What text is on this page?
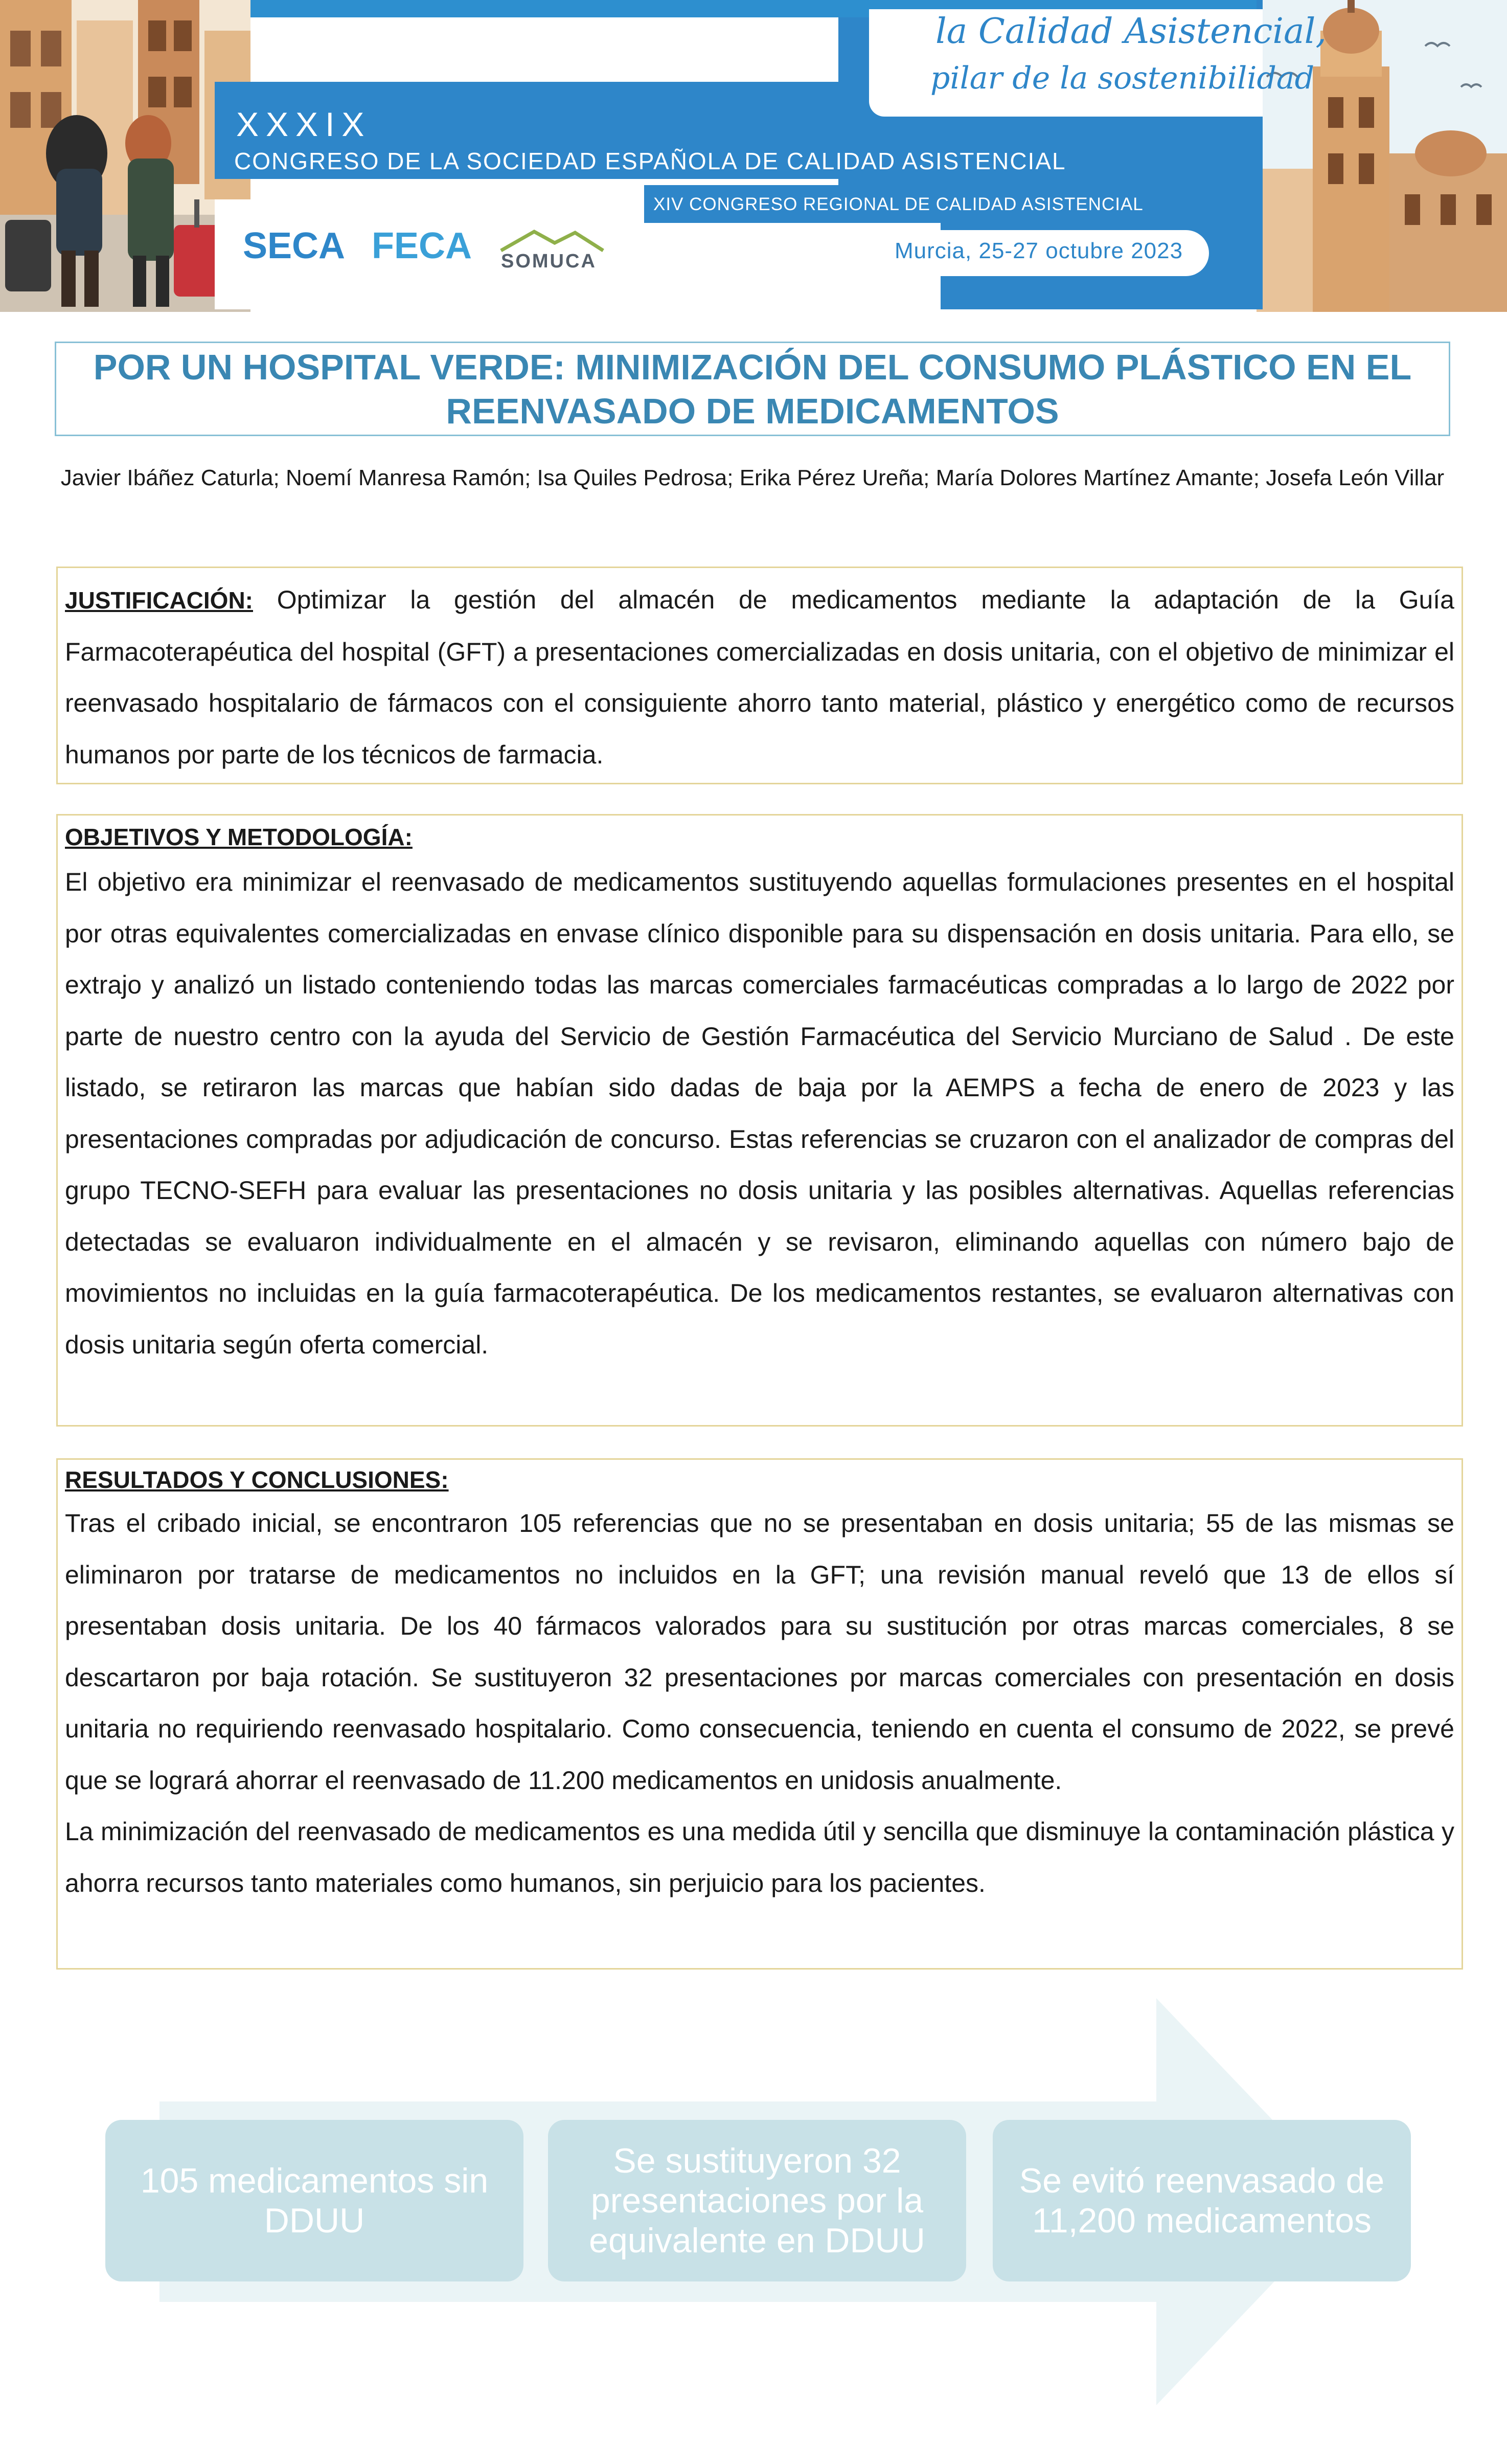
la Calidad Asistencial,
pilar de la sostenibilidad
XXXIX
CONGRESO DE LA SOCIEDAD ESPAÑOLA DE CALIDAD ASISTENCIAL
XIV CONGRESO REGIONAL DE CALIDAD ASISTENCIAL
Murcia, 25-27 octubre 2023
SECA FECA SOMUCA
POR UN HOSPITAL VERDE: MINIMIZACIÓN DEL CONSUMO PLÁSTICO EN EL REENVASADO DE MEDICAMENTOS
Javier Ibáñez Caturla; Noemí Manresa Ramón; Isa Quiles Pedrosa; Erika Pérez Ureña; María Dolores Martínez Amante; Josefa León Villar

JUSTIFICACIÓN: Optimizar la gestión del almacén de medicamentos mediante la adaptación de la Guía Farmacoterapéutica del hospital (GFT) a presentaciones comercializadas en dosis unitaria, con el objetivo de minimizar el reenvasado hospitalario de fármacos con el consiguiente ahorro tanto material, plástico y energético como de recursos humanos por parte de los técnicos de farmacia.

OBJETIVOS Y METODOLOGÍA:

El objetivo era minimizar el reenvasado de medicamentos sustituyendo aquellas formulaciones presentes en el hospital por otras equivalentes comercializadas en envase clínico disponible para su dispensación en dosis unitaria. Para ello, se extrajo y analizó un listado conteniendo todas las marcas comerciales farmacéuticas compradas a lo largo de 2022 por parte de nuestro centro con la ayuda del Servicio de Gestión Farmacéutica del Servicio Murciano de Salud . De este listado, se retiraron las marcas que habían sido dadas de baja por la AEMPS a fecha de enero de 2023 y las presentaciones compradas por adjudicación de concurso. Estas referencias se cruzaron con el analizador de compras del grupo TECNO-SEFH para evaluar las presentaciones no dosis unitaria y las posibles alternativas. Aquellas referencias detectadas se evaluaron individualmente en el almacén y se revisaron, eliminando aquellas con número bajo de movimientos no incluidas en la guía farmacoterapéutica. De los medicamentos restantes, se evaluaron alternativas con dosis unitaria según oferta comercial.

RESULTADOS Y CONCLUSIONES:

Tras el cribado inicial, se encontraron 105 referencias que no se presentaban en dosis unitaria; 55 de las mismas se eliminaron por tratarse de medicamentos no incluidos en la GFT; una revisión manual reveló que 13 de ellos sí presentaban dosis unitaria. De los 40 fármacos valorados para su sustitución por otras marcas comerciales, 8 se descartaron por baja rotación. Se sustituyeron 32 presentaciones por marcas comerciales con presentación en dosis unitaria no requiriendo reenvasado hospitalario. Como consecuencia, teniendo en cuenta el consumo de 2022, se prevé que se logrará ahorrar el reenvasado de 11.200 medicamentos en unidosis anualmente.

La minimización del reenvasado de medicamentos es una medida útil y sencilla que disminuye la contaminación plástica y ahorra recursos tanto materiales como humanos, sin perjuicio para los pacientes.

105 medicamentos sin DDUU
Se sustituyeron 32 presentaciones por la equivalente en DDUU
Se evitó reenvasado de 11,200 medicamentos
